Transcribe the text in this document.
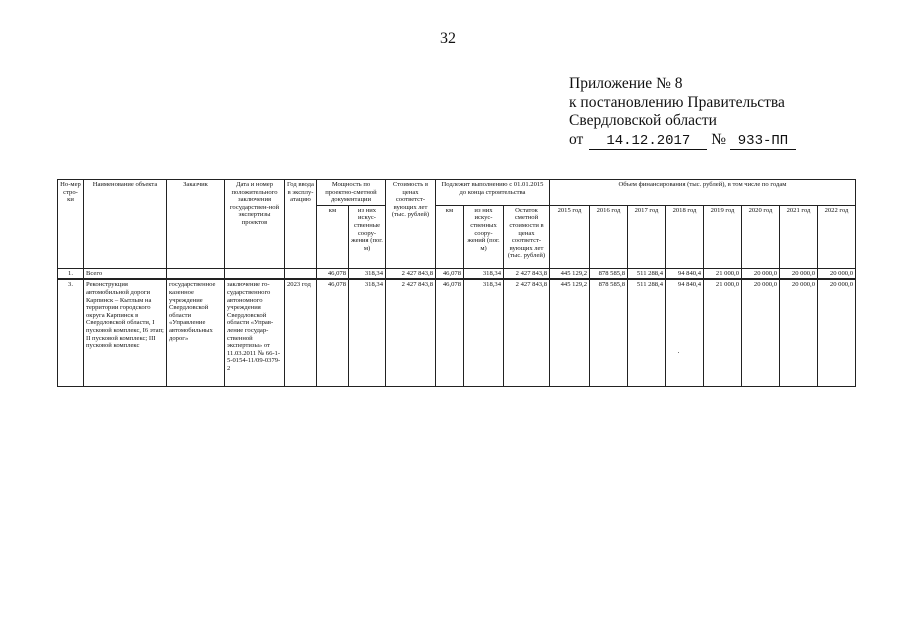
32
Приложение № 8
к постановлению Правительства
Свердловской области
от 14.12.2017 № 933-ПП
Но-мер стро-ки	Наименование объекта	Заказчик	Дата и номер положительного заключения государствен-ной экспертизы проектов	Год ввода в эксплу-атацию	Мощность по проектно-сметной документации		Стоимость в ценах соответст-вующих лет (тыс. рублей)	Подлежит выполнению с 01.01.2015 до конца строительства			Объем финансирования (тыс. рублей), в том числе по годам							
					км	из них искус-ственные соору-жения (пог. м)		км	из них искус-ственных соору-жений (пог. м)	Остаток сметной стоимости в ценах соответст-вующих лет (тыс. рублей)	2015 год	2016 год	2017 год	2018 год	2019 год	2020 год	2021 год	2022 год
1.	Всего				46,078	318,34	2 427 843,8	46,078	318,34	2 427 843,8	445 129,2	878 585,8	511 288,4	94 840,4	21 000,0	20 000,0	20 000,0	20 000,0
3.	Реконструкция автомобильной дороги Карпинск – Кытлым на территории городского округа Карпинск в Свердловской области, I пусковой комплекс, I6 этап; II пусковой комплекс; III пусковой комплекс	государственное казенное учреждение Свердловской области «Управление автомобильных дорог»	заключение го-сударственного автономного учреждения Свердловской области «Управ-ление государ-ственной экспертизы» от 11.03.2011 № 66-1-5-0154-11/09-0379-2	2023 год	46,078	318,34	2 427 843,8	46,078	318,34	2 427 843,8	445 129,2	878 585,8	511 288,4	94 840,4	21 000,0	20 000,0	20 000,0	20 000,0
